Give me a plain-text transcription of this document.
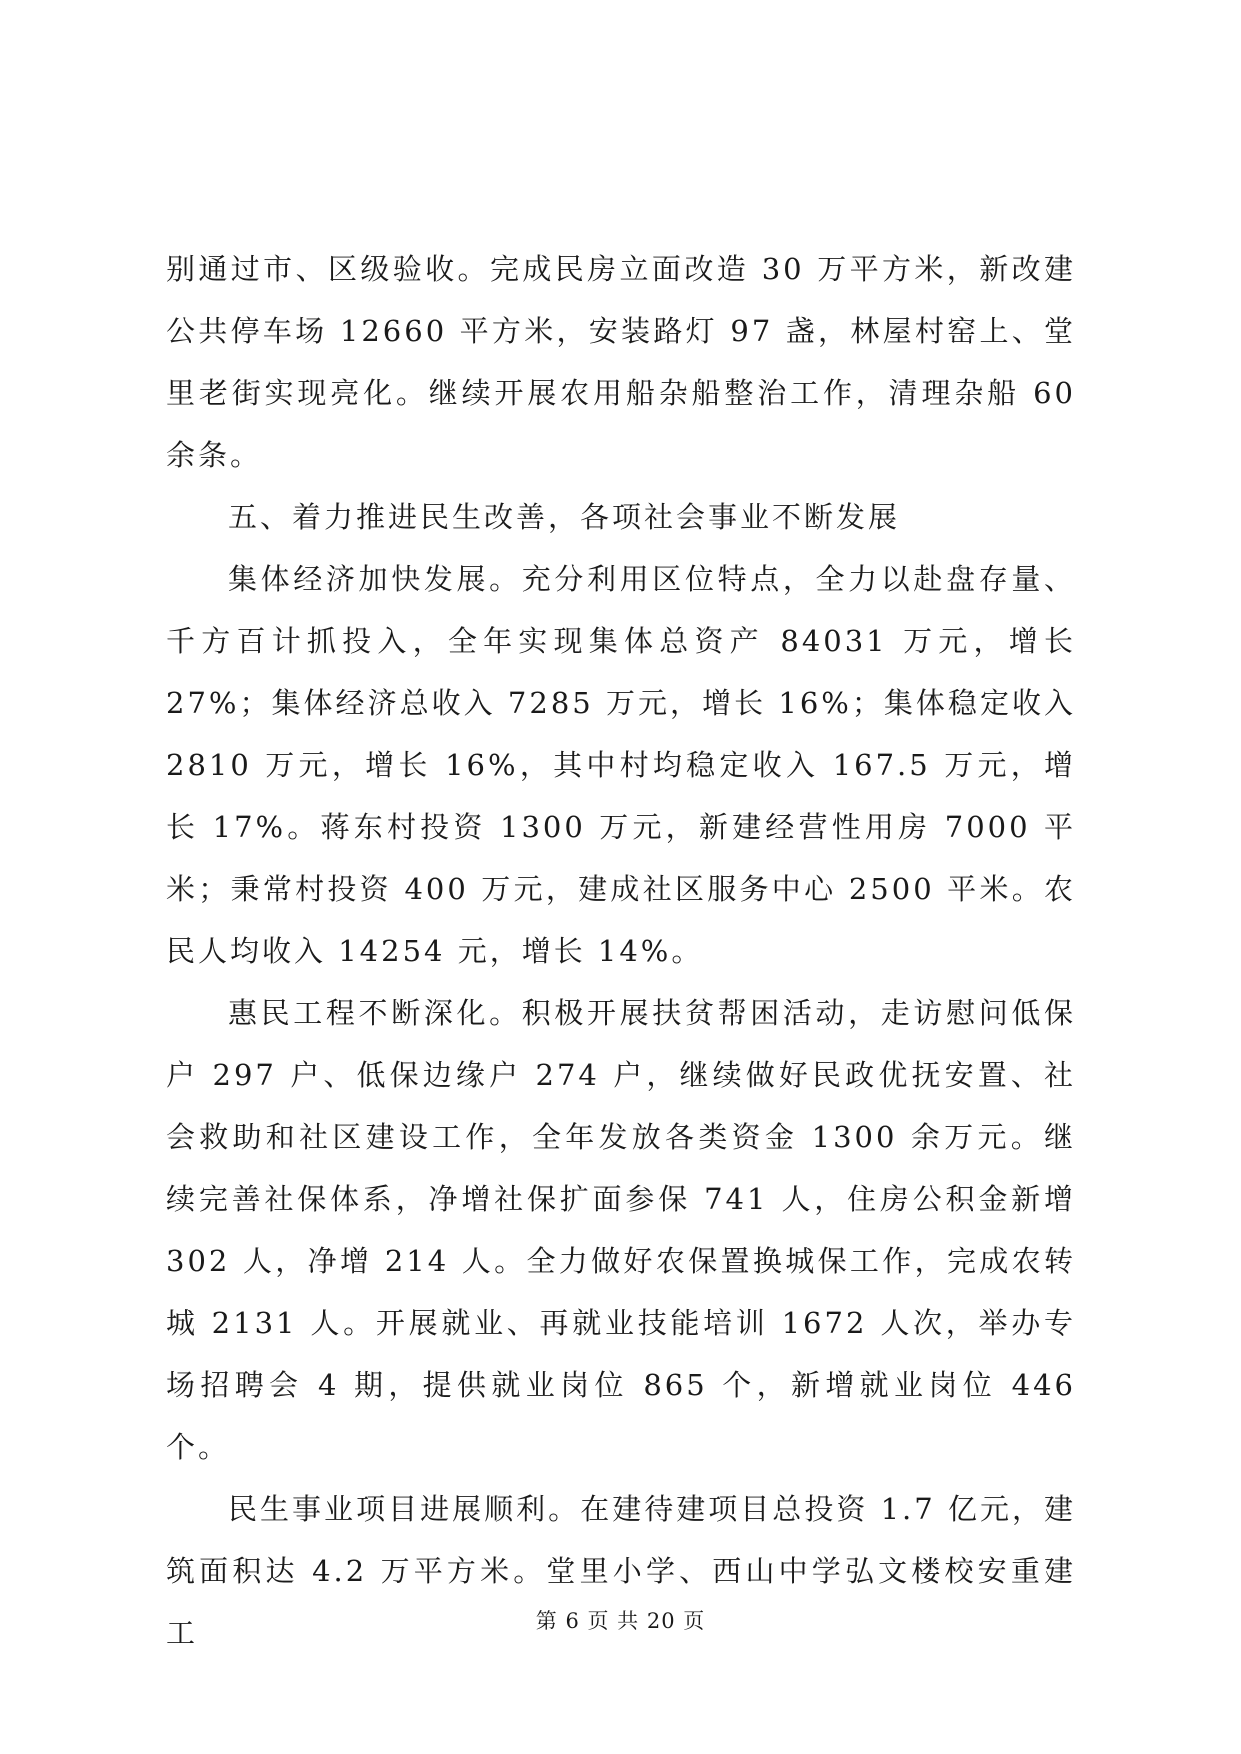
别通过市、区级验收。完成民房立面改造 30 万平方米，新改建公共停车场 12660 平方米，安装路灯 97 盏，林屋村窑上、堂里老街实现亮化。继续开展农用船杂船整治工作，清理杂船 60 余条。

五、着力推进民生改善，各项社会事业不断发展

集体经济加快发展。充分利用区位特点，全力以赴盘存量、千方百计抓投入，全年实现集体总资产 84031 万元，增长 27%；集体经济总收入 7285 万元，增长 16%；集体稳定收入 2810 万元，增长 16%，其中村均稳定收入 167.5 万元，增长 17%。蒋东村投资 1300 万元，新建经营性用房 7000 平米；秉常村投资 400 万元，建成社区服务中心 2500 平米。农民人均收入 14254 元，增长 14%。

惠民工程不断深化。积极开展扶贫帮困活动，走访慰问低保户 297 户、低保边缘户 274 户，继续做好民政优抚安置、社会救助和社区建设工作，全年发放各类资金 1300 余万元。继续完善社保体系，净增社保扩面参保 741 人，住房公积金新增 302 人，净增 214 人。全力做好农保置换城保工作，完成农转城 2131 人。开展就业、再就业技能培训 1672 人次，举办专场招聘会 4 期，提供就业岗位 865 个，新增就业岗位 446 个。

民生事业项目进展顺利。在建待建项目总投资 1.7 亿元，建筑面积达 4.2 万平方米。堂里小学、西山中学弘文楼校安重建工	第 6 页 共 20 页
